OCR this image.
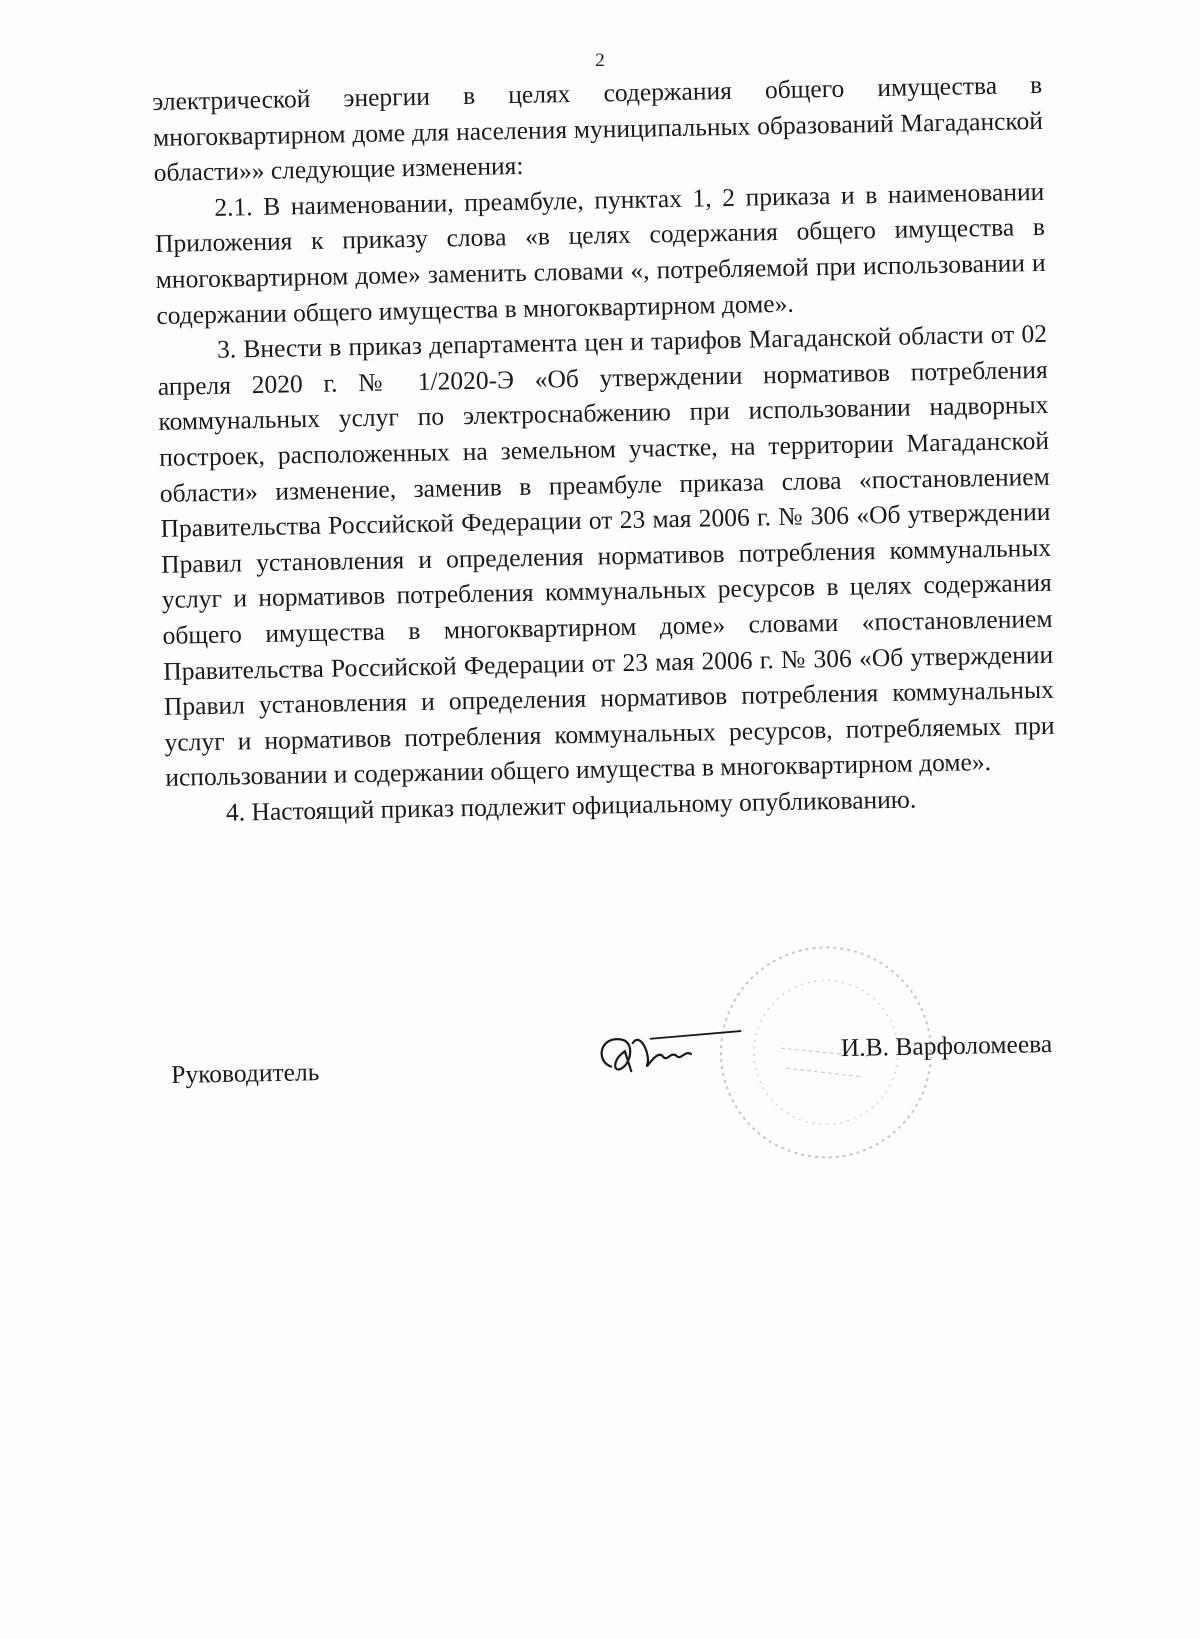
2

электрической энергии в целях содержания общего имущества в многоквартирном доме для населения муниципальных образований Магаданской области»» следующие изменения:

2.1. В наименовании, преамбуле, пунктах 1, 2 приказа и в наименовании Приложения к приказу слова «в целях содержания общего имущества в многоквартирном доме» заменить словами «, потребляемой при использовании и содержании общего имущества в многоквартирном доме».

3. Внести в приказ департамента цен и тарифов Магаданской области от 02 апреля 2020 г. № 1/2020-Э «Об утверждении нормативов потребления коммунальных услуг по электроснабжению при использовании надворных построек, расположенных на земельном участке, на территории Магаданской области» изменение, заменив в преамбуле приказа слова «постановлением Правительства Российской Федерации от 23 мая 2006 г. № 306 «Об утверждении Правил установления и определения нормативов потребления коммунальных услуг и нормативов потребления коммунальных ресурсов в целях содержания общего имущества в многоквартирном доме» словами «постановлением Правительства Российской Федерации от 23 мая 2006 г. № 306 «Об утверждении Правил установления и определения нормативов потребления коммунальных услуг и нормативов потребления коммунальных ресурсов, потребляемых при использовании и содержании общего имущества в многоквартирном доме».

4. Настоящий приказ подлежит официальному опубликованию.

Руководитель
И.В. Варфоломеева
